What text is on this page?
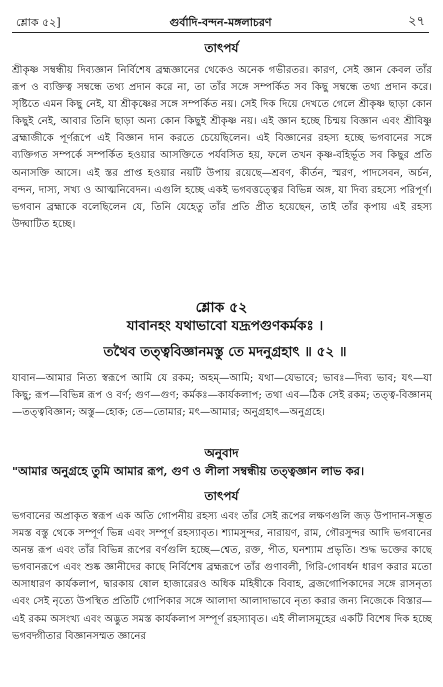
শ্লোক ৫২]	গুর্বাদি-বন্দন-মঙ্গলাচরণ	২৭
তাৎপর্য
শ্রীকৃষ্ণ সম্বন্ধীয় দিব্যজ্ঞান নির্বিশেষ ব্রহ্মজ্ঞানের থেকেও অনেক গভীরতর। কারণ, সেই জ্ঞান কেবল তাঁর রূপ ও ব্যক্তিত্ব সম্বন্ধে তথ্য প্রদান করে না, তা তাঁর সঙ্গে সম্পর্কিত সব কিছু সম্বন্ধে তথ্য প্রদান করে। সৃষ্টিতে এমন কিছু নেই, যা শ্রীকৃষ্ণের সঙ্গে সম্পর্কিত নয়। সেই দিক দিয়ে দেখতে গেলে শ্রীকৃষ্ণ ছাড়া কোন কিছুই নেই, আবার তিনি ছাড়া অন্য কোন কিছুই শ্রীকৃষ্ণ নয়। এই জ্ঞান হচ্ছে চিন্ময় বিজ্ঞান এবং শ্রীবিষ্ণু ব্রহ্মাজীকে পূর্ণরূপে এই বিজ্ঞান দান করতে চেয়েছিলেন। এই বিজ্ঞানের রহস্য হচ্ছে ভগবানের সঙ্গে ব্যক্তিগত সম্পর্কে সম্পর্কিত হওয়ার আসক্তিতে পর্যবসিত হয়, ফলে তখন কৃষ্ণ-বহির্ভূত সব কিছুর প্রতি অনাসক্তি আসে। এই স্তর প্রাপ্ত হওয়ার নয়টি উপায় রয়েছে—শ্রবণ, কীর্তন, স্মরণ, পাদসেবন, অর্চন, বন্দন, দাস্য, সখ্য ও আত্মনিবেদন। এগুলি হচ্ছে একই ভগবত্তত্ত্বের বিভিন্ন অঙ্গ, যা দিব্য রহস্যে পরিপূর্ণ। ভগবান ব্রহ্মাকে বলেছিলেন যে, তিনি যেহেতু তাঁর প্রতি প্রীত হয়েছেন, তাই তাঁর কৃপায় এই রহস্য উদ্ঘাটিত হচ্ছে।
শ্লোক ৫২
যাবানহং যথাভাবো যদ্রূপগুণকর্মকঃ ।
তথৈব তত্ত্ববিজ্ঞানমস্তু তে মদনুগ্রহাৎ ॥ ৫২ ॥
যাবান—আমার নিত্য স্বরূপে আমি যে রকম; অহম্—আমি; যথা—যেভাবে; ভাবঃ—দিব্য ভাব; যৎ—যা কিছু; রূপ—বিভিন্ন রূপ ও বর্ণ; গুণ—গুণ; কর্মকঃ—কার্যকলাপ; তথা এব—ঠিক সেই রকম; তত্ত্ব-বিজ্ঞানম্—তত্ত্ববিজ্ঞান; অস্তু—হোক; তে—তোমার; মৎ—আমার; অনুগ্রহাৎ—অনুগ্রহে।
অনুবাদ
"আমার অনুগ্রহে তুমি আমার রূপ, গুণ ও লীলা সম্বন্ধীয় তত্ত্বজ্ঞান লাভ কর।
তাৎপর্য
ভগবানের অপ্রাকৃত স্বরূপ এক অতি গোপনীয় রহস্য এবং তাঁর সেই রূপের লক্ষণগুলি জড় উপাদান-সম্ভূত সমস্ত বস্তু থেকে সম্পূর্ণ ভিন্ন এবং সম্পূর্ণ রহস্যাবৃত। শ্যামসুন্দর, নারায়ণ, রাম, গৌরসুন্দর আদি ভগবানের অনন্ত রূপ এবং তাঁর বিভিন্ন রূপের বর্ণগুলি হচ্ছে—শ্বেত, রক্ত, পীত, ঘনশ্যাম প্রভৃতি। শুদ্ধ ভক্তের কাছে ভগবানরূপে এবং শুষ্ক জ্ঞানীদের কাছে নির্বিশেষ ব্রহ্মরূপে তাঁর গুণাবলী, গিরি-গোবর্ধন ধারণ করার মতো অসাধারণ কার্যকলাপ, দ্বারকায় ষোল হাজারেরও অধিক মহিষীকে বিবাহ, ব্রজগোপিকাদের সঙ্গে রাসনৃত্য এবং সেই নৃত্যে উপস্থিত প্রতিটি গোপিকার সঙ্গে আলাদা আলাদাভাবে নৃত্য করার জন্য নিজেকে বিস্তার—এই রকম অসংখ্য এবং অদ্ভুত সমস্ত কার্যকলাপ সম্পূর্ণ রহস্যাবৃত। এই লীলাসমূহের একটি বিশেষ দিক হচ্ছে ভগবদ্গীতার বিজ্ঞানসম্মত জ্ঞানের
